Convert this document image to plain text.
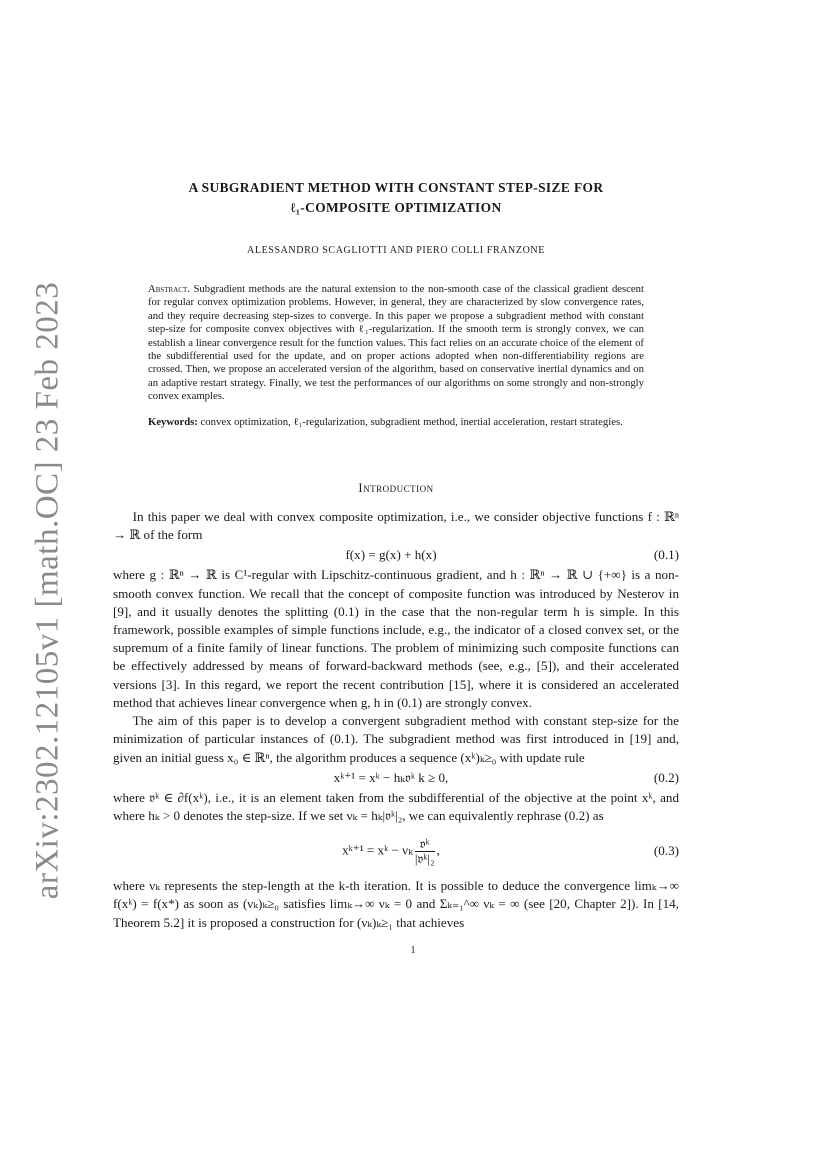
arXiv:2302.12105v1 [math.OC] 23 Feb 2023
A SUBGRADIENT METHOD WITH CONSTANT STEP-SIZE FOR
ℓ₁-COMPOSITE OPTIMIZATION
ALESSANDRO SCAGLIOTTI AND PIERO COLLI FRANZONE
Abstract. Subgradient methods are the natural extension to the non-smooth case of the classical gradient descent for regular convex optimization problems. However, in general, they are characterized by slow convergence rates, and they require decreasing step-sizes to converge. In this paper we propose a subgradient method with constant step-size for composite convex objectives with ℓ₁-regularization. If the smooth term is strongly convex, we can establish a linear convergence result for the function values. This fact relies on an accurate choice of the element of the subdifferential used for the update, and on proper actions adopted when non-differentiability regions are crossed. Then, we propose an accelerated version of the algorithm, based on conservative inertial dynamics and on an adaptive restart strategy. Finally, we test the performances of our algorithms on some strongly and non-strongly convex examples.
Keywords: convex optimization, ℓ₁-regularization, subgradient method, inertial acceleration, restart strategies.
Introduction

In this paper we deal with convex composite optimization, i.e., we consider objective functions f : ℝⁿ → ℝ of the form

f(x) = g(x) + h(x)	(0.1)

where g : ℝⁿ → ℝ is C¹-regular with Lipschitz-continuous gradient, and h : ℝⁿ → ℝ ∪ {+∞} is a non-smooth convex function. We recall that the concept of composite function was introduced by Nesterov in [9], and it usually denotes the splitting (0.1) in the case that the non-regular term h is simple. In this framework, possible examples of simple functions include, e.g., the indicator of a closed convex set, or the supremum of a finite family of linear functions. The problem of minimizing such composite functions can be effectively addressed by means of forward-backward methods (see, e.g., [5]), and their accelerated versions [3]. In this regard, we report the recent contribution [15], where it is considered an accelerated method that achieves linear convergence when g, h in (0.1) are strongly convex.

The aim of this paper is to develop a convergent subgradient method with constant step-size for the minimization of particular instances of (0.1). The subgradient method was first introduced in [19] and, given an initial guess x₀ ∈ ℝⁿ, the algorithm produces a sequence (xᵏ)ₖ≥₀ with update rule

xᵏ⁺¹ = xᵏ − hₖ𝔳ᵏ k ≥ 0,	(0.2)

where 𝔳ᵏ ∈ ∂f(xᵏ), i.e., it is an element taken from the subdifferential of the objective at the point xᵏ, and where hₖ > 0 denotes the step-size. If we set νₖ = hₖ|𝔳ᵏ|₂, we can equivalently rephrase (0.2) as

xᵏ⁺¹ = xᵏ − νₖ $\frac{\text{𝔳ᵏ}}{\text{|𝔳ᵏ|₂}}$ ,	(0.3)

where νₖ represents the step-length at the k-th iteration. It is possible to deduce the convergence limₖ→∞ f(xᵏ) = f(x*) as soon as (νₖ)ₖ≥₀ satisfies limₖ→∞ νₖ = 0 and Σₖ₌₁^∞ νₖ = ∞ (see [20, Chapter 2]). In [14, Theorem 5.2] it is proposed a construction for (νₖ)ₖ≥₁ that achieves

1
